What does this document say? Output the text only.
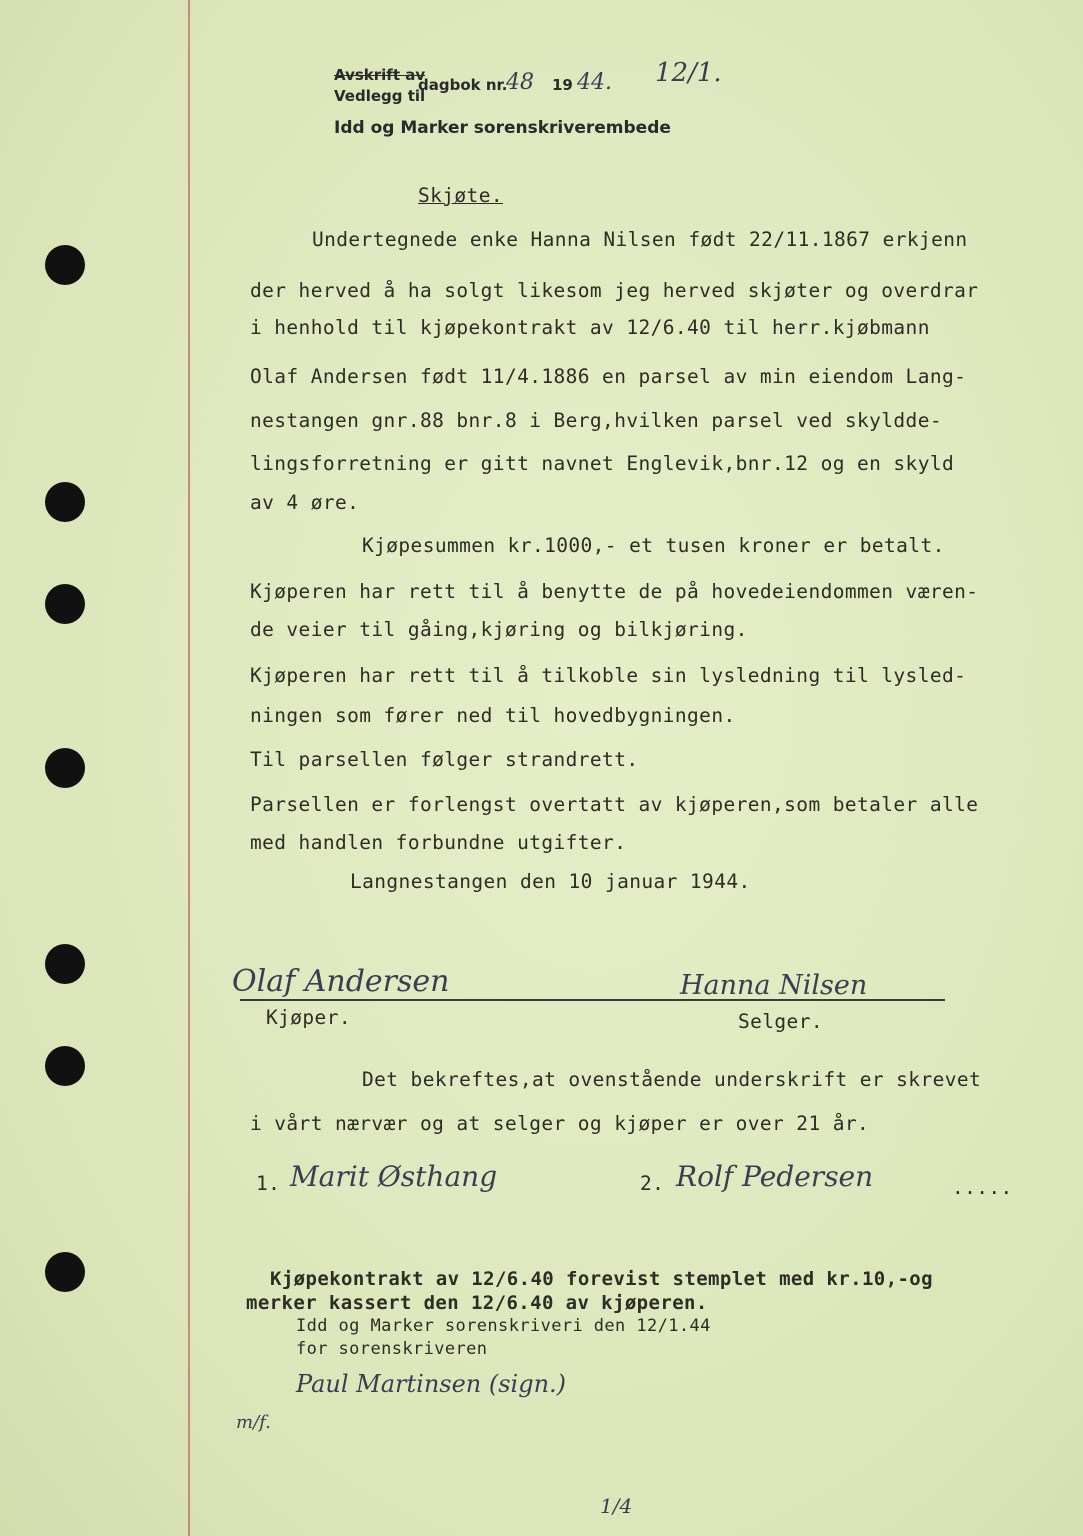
Avskrift av
Vedlegg til
dagbok nr.
48 19 44. 12/1.
Idd og Marker sorenskriverembede
Skjøte.
Undertegnede enke Hanna Nilsen født 22/11.1867 erkjenn
der herved å ha solgt likesom jeg herved skjøter og overdrar
i henhold til kjøpekontrakt av 12/6.40 til herr.kjøbmann
Olaf Andersen født 11/4.1886 en parsel av min eiendom Lang-
nestangen gnr.88 bnr.8 i Berg,hvilken parsel ved skyldde-
lingsforretning er gitt navnet Englevik,bnr.12 og en skyld
av 4 øre.
Kjøpesummen kr.1000,- et tusen kroner er betalt.
Kjøperen har rett til å benytte de på hovedeiendommen væren-
de veier til gåing,kjøring og bilkjøring.
Kjøperen har rett til å tilkoble sin lysledning til lysled-
ningen som fører ned til hovedbygningen.
Til parsellen følger strandrett.
Parsellen er forlengst overtatt av kjøperen,som betaler alle
med handlen forbundne utgifter.
Langnestangen den 10 januar 1944.
Olaf Andersen
Kjøper.
Hanna Nilsen
Selger.
Det bekreftes,at ovenstående underskrift er skrevet
i vårt nærvær og at selger og kjøper er over 21 år.
1. Marit Østhang	2. Rolf Pedersen	.....
Kjøpekontrakt av 12/6.40 forevist stemplet med kr.10,-og
merker kassert den 12/6.40 av kjøperen.
Idd og Marker sorenskriveri den 12/1.44
for sorenskriveren
Paul Martinsen (sign.)
m/f.
1/4
